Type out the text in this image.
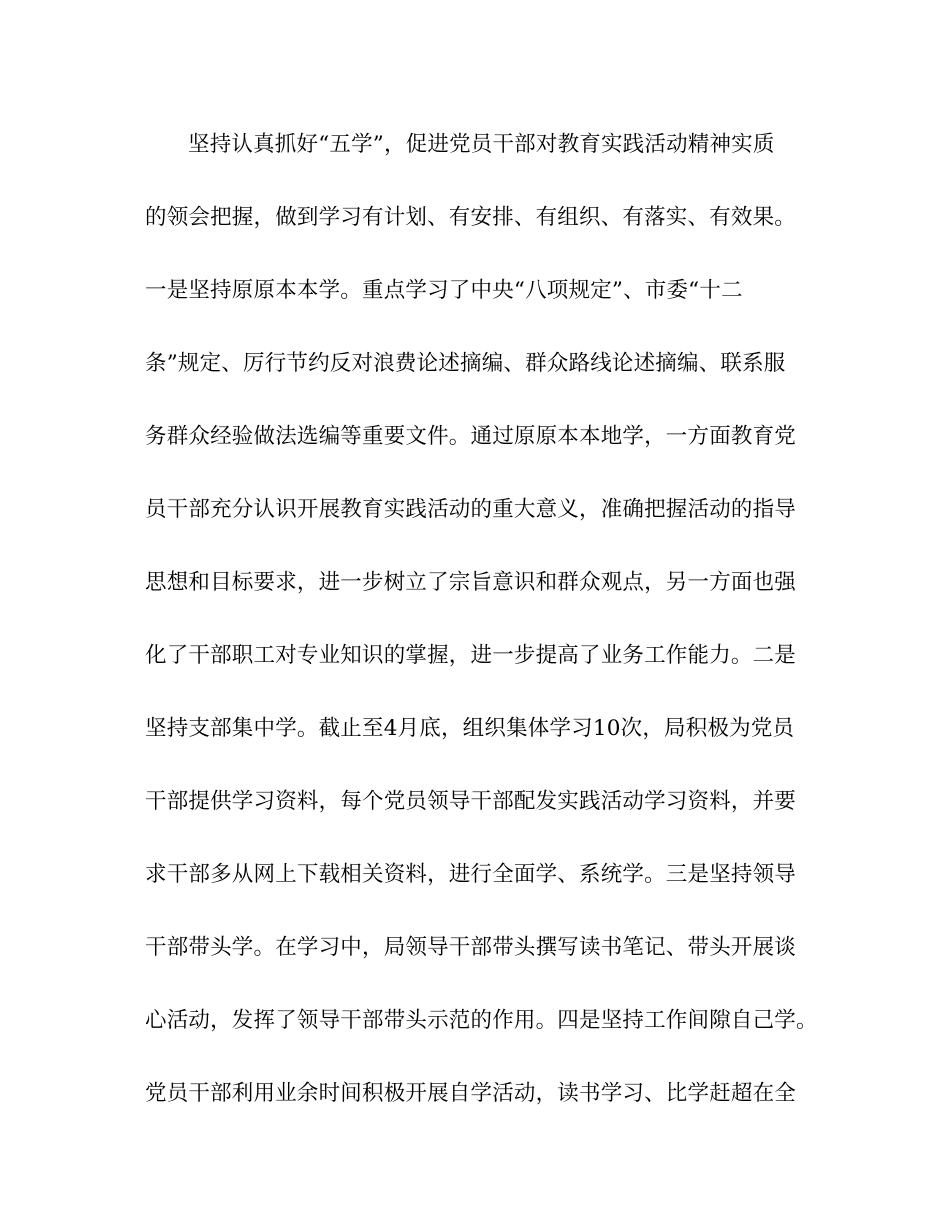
坚持认真抓好“五学”，促进党员干部对教育实践活动精神实质
的领会把握，做到学习有计划、有安排、有组织、有落实、有效果。
一是坚持原原本本学。重点学习了中央“八项规定”、市委“十二
条”规定、厉行节约反对浪费论述摘编、群众路线论述摘编、联系服
务群众经验做法选编等重要文件。通过原原本本地学，一方面教育党
员干部充分认识开展教育实践活动的重大意义，准确把握活动的指导
思想和目标要求，进一步树立了宗旨意识和群众观点，另一方面也强
化了干部职工对专业知识的掌握，进一步提高了业务工作能力。二是
坚持支部集中学。截止至4月底，组织集体学习10次，局积极为党员
干部提供学习资料，每个党员领导干部配发实践活动学习资料，并要
求干部多从网上下载相关资料，进行全面学、系统学。三是坚持领导
干部带头学。在学习中，局领导干部带头撰写读书笔记、带头开展谈
心活动，发挥了领导干部带头示范的作用。四是坚持工作间隙自己学。
党员干部利用业余时间积极开展自学活动，读书学习、比学赶超在全
